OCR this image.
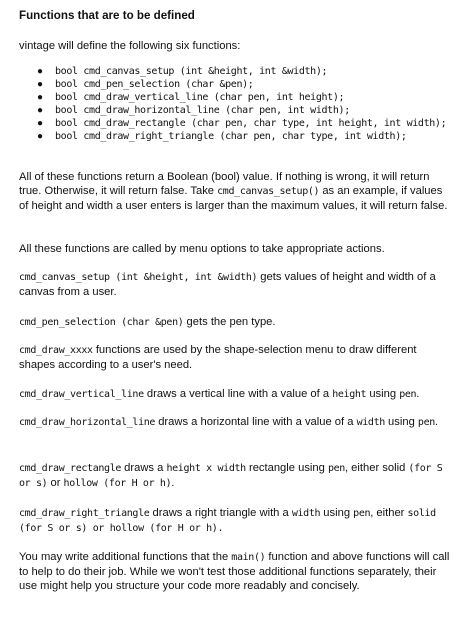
Functions that are to be defined

vintage will define the following six functions:

● bool cmd_canvas_setup (int &height, int &width);
● bool cmd_pen_selection (char &pen);
● bool cmd_draw_vertical_line (char pen, int height);
● bool cmd_draw_horizontal_line (char pen, int width);
● bool cmd_draw_rectangle (char pen, char type, int height, int width);
● bool cmd_draw_right_triangle (char pen, char type, int width);

All of these functions return a Boolean (bool) value. If nothing is wrong, it will return true. Otherwise, it will return false. Take cmd_canvas_setup() as an example, if values of height and width a user enters is larger than the maximum values, it will return false.

All these functions are called by menu options to take appropriate actions.

cmd_canvas_setup (int &height, int &width) gets values of height and width of a canvas from a user.

cmd_pen_selection (char &pen) gets the pen type.

cmd_draw_xxxx functions are used by the shape-selection menu to draw different shapes according to a user's need.

cmd_draw_vertical_line draws a vertical line with a value of a height using pen.

cmd_draw_horizontal_line draws a horizontal line with a value of a width using pen.

cmd_draw_rectangle draws a height x width rectangle using pen, either solid (for S or s) or hollow (for H or h).

cmd_draw_right_triangle draws a right triangle with a width using pen, either solid (for S or s) or hollow (for H or h).

You may write additional functions that the main() function and above functions will call to help to do their job. While we won't test those additional functions separately, their use might help you structure your code more readably and concisely.
